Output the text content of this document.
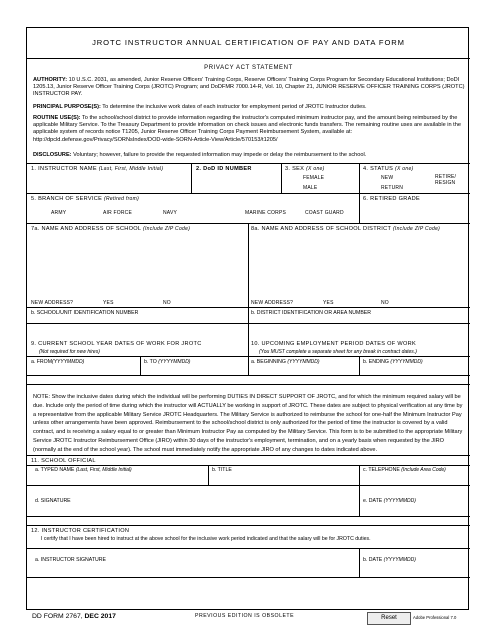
JROTC INSTRUCTOR ANNUAL CERTIFICATION OF PAY AND DATA FORM
PRIVACY ACT STATEMENT
AUTHORITY: 10 U.S.C. 2031, as amended, Junior Reserve Officers' Training Corps, Reserve Officers' Training Corps Program for Secondary Educational Institutions; DoDI 1205.13, Junior Reserve Officer Training Corps (JROTC) Program; and DoDFMR 7000.14-R, Vol. 10, Chapter 21, JUNIOR RESERVE OFFICER TRAINING CORPS (JROTC) INSTRUCTOR PAY.
PRINCIPAL PURPOSE(S): To determine the inclusive work dates of each instructor for employment period of JROTC Instructor duties.
ROUTINE USE(S): To the school/school district to provide information regarding the instructor's computed minimum instructor pay, and the amount being reimbursed by the applicable Military Service. To the Treasury Department to provide information on check issues and electronic funds transfers. The remaining routine uses are available in the applicable system of records notice T1205, Junior Reserve Officer Training Corps Payment Reimbursement System, available at: http://dpcld.defense.gov/Privacy/SORNsIndex/DOD-wide-SORN-Article-View/Article/570153/t1205/
DISCLOSURE: Voluntary; however, failure to provide the requested information may impede or delay the reimbursement to the school.
1. INSTRUCTOR NAME (Last, First, Middle Initial)	2. DoD ID NUMBER	3. SEX (X one)
FEMALE
MALE
4. STATUS (X one)
NEW	RETIRE/
RESIGN
RETURN
5. BRANCH OF SERVICE (Retired from)
ARMY	AIR FORCE	NAVY	MARINE CORPS	COAST GUARD
6. RETIRED GRADE
7a. NAME AND ADDRESS OF SCHOOL (Include ZIP Code)	8a. NAME AND ADDRESS OF SCHOOL DISTRICT (Include ZIP Code)
NEW ADDRESS?	YES	NO	NEW ADDRESS?	YES	NO
b. SCHOOL/UNIT IDENTIFICATION NUMBER	b. DISTRICT IDENTIFICATION OR AREA NUMBER
9. CURRENT SCHOOL YEAR DATES OF WORK FOR JROTC
(Not required for new hires)
10. UPCOMING EMPLOYMENT PERIOD DATES OF WORK
(You MUST complete a separate sheet for any break in contract dates.)
a. FROM(YYYYMMDD)	b. TO (YYYYMMDD)	a. BEGINNING (YYYYMMDD)	b. ENDING (YYYYMMDD)
NOTE: Show the inclusive dates during which the individual will be performing DUTIES IN DIRECT SUPPORT OF JROTC, and for which the minimum required salary will be due. Include only the period of time during which the instructor will ACTUALLY be working in support of JROTC. These dates are subject to physical verification at any time by a representative from the applicable Military Service JROTC Headquarters. The Military Service is authorized to reimburse the school for one-half the Minimum Instructor Pay unless other arrangements have been approved. Reimbursement to the school/school district is only authorized for the period of time the instructor is covered by a valid contract, and is receiving a salary equal to or greater than Minimum Instructor Pay as computed by the Military Service. This form is to be submitted to the appropriate Military Service JROTC Instructor Reimbursement Office (JIRO) within 30 days of the instructor's employment, termination, and on a yearly basis when requested by the JIRO (normally at the end of the school year). The school must immediately notify the appropriate JIRO of any changes to dates indicated above.
11. SCHOOL OFFICIAL
a. TYPED NAME (Last, First, Middle Initial)	b. TITLE	c. TELEPHONE (Include Area Code)
d. SIGNATURE	e. DATE (YYYYMMDD)
12. INSTRUCTOR CERTIFICATION
I certify that I have been hired to instruct at the above school for the inclusive work period indicated and that the salary will be for JROTC duties.
a. INSTRUCTOR SIGNATURE	b. DATE (YYYYMMDD)
DD FORM 2767, DEC 2017	PREVIOUS EDITION IS OBSOLETE	Reset	Adobe Professional 7.0
